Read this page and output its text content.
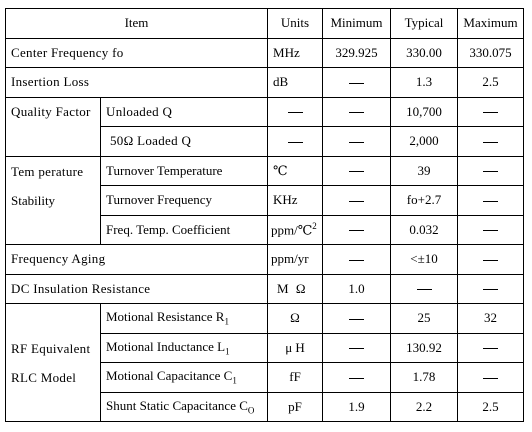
Item		Units	Minimum	Typical	Maximum
Center Frequency fo		MHz	329.925	330.00	330.075
Insertion Loss		dB		1.3	2.5
Quality Factor	Unloaded Q			10,700	
	50Ω Loaded Q			2,000	

Tem perature
Stability	Turnover Temperature	℃		39	
	Turnover Frequency	KHz		fo+2.7	
	Freq. Temp. Coefficient	ppm/℃$^2$		0.032	
Frequency Aging		ppm/yr		<±10	
DC Insulation Resistance		M Ω	1.0		

RF Equivalent
RLC Model	Motional Resistance $R_1$	Ω		25	32
	Motional Inductance $L_1$	μ H		130.92	
	Motional Capacitance $C_1$	fF		1.78	
	Shunt Static Capacitance $C_O$	pF	1.9	2.2	2.5
